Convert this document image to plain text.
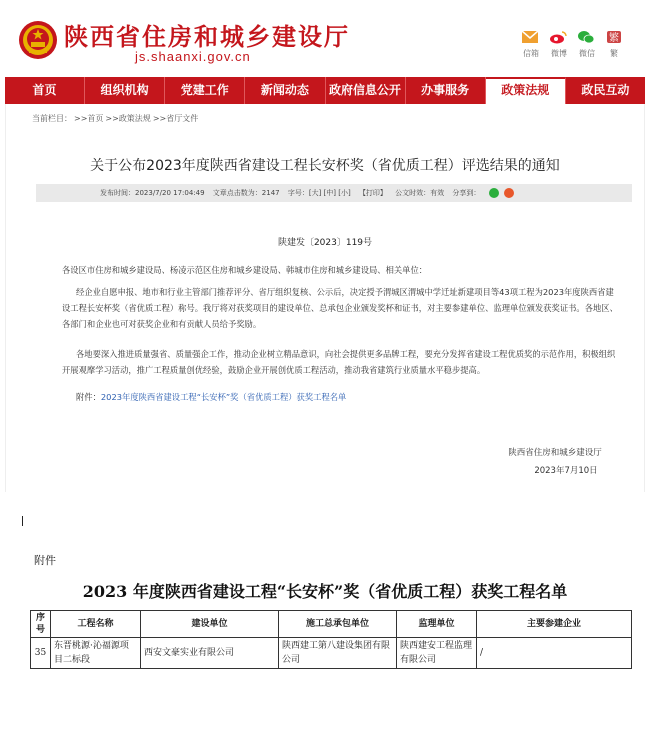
陕西省住房和城乡建设厅
js.shaanxi.gov.cn	信箱 微博 微信
繁
繁
首页	组织机构	党建工作	新闻动态	政府信息公开	办事服务	政策法规	政民互动
当前栏目： >>首页 >>政策法规 >>省厅文件
关于公布2023年度陕西省建设工程长安杯奖（省优质工程）评选结果的通知
发布时间：2023/7/20 17:04:49 文章点击数为：2147 字号：[大] [中] [小] 【打印】 公文时效：有效 分享到：
陕建发〔2023〕119号
各设区市住房和城乡建设局、杨凌示范区住房和城乡建设局、韩城市住房和城乡建设局、相关单位：
经企业自愿申报、地市和行业主管部门推荐评分、省厅组织复核、公示后，决定授予渭城区渭城中学迁址新建项目等43项工程为2023年度陕西省建设工程长安杯奖（省优质工程）称号。我厅将对获奖项目的建设单位、总承包企业颁发奖杯和证书，对主要参建单位、监理单位颁发获奖证书。各地区、各部门和企业也可对获奖企业和有贡献人员给予奖励。
各地要深入推进质量强省、质量强企工作，推动企业树立精品意识，向社会提供更多品牌工程，要充分发挥省建设工程优质奖的示范作用，积极组织开展观摩学习活动，推广工程质量创优经验，鼓励企业开展创优质工程活动，推动我省建筑行业质量水平稳步提高。
附件：2023年度陕西省建设工程“长安杯”奖（省优质工程）获奖工程名单
陕西省住房和城乡建设厅
2023年7月10日
附件
2023 年度陕西省建设工程“长安杯”奖（省优质工程）获奖工程名单
序号	工程名称	建设单位	施工总承包单位	监理单位	主要参建企业
35	东晋桃源·沁福源项目二标段	西安文豪实业有限公司	陕西建工第八建设集团有限公司	陕西建安工程监理有限公司	/
